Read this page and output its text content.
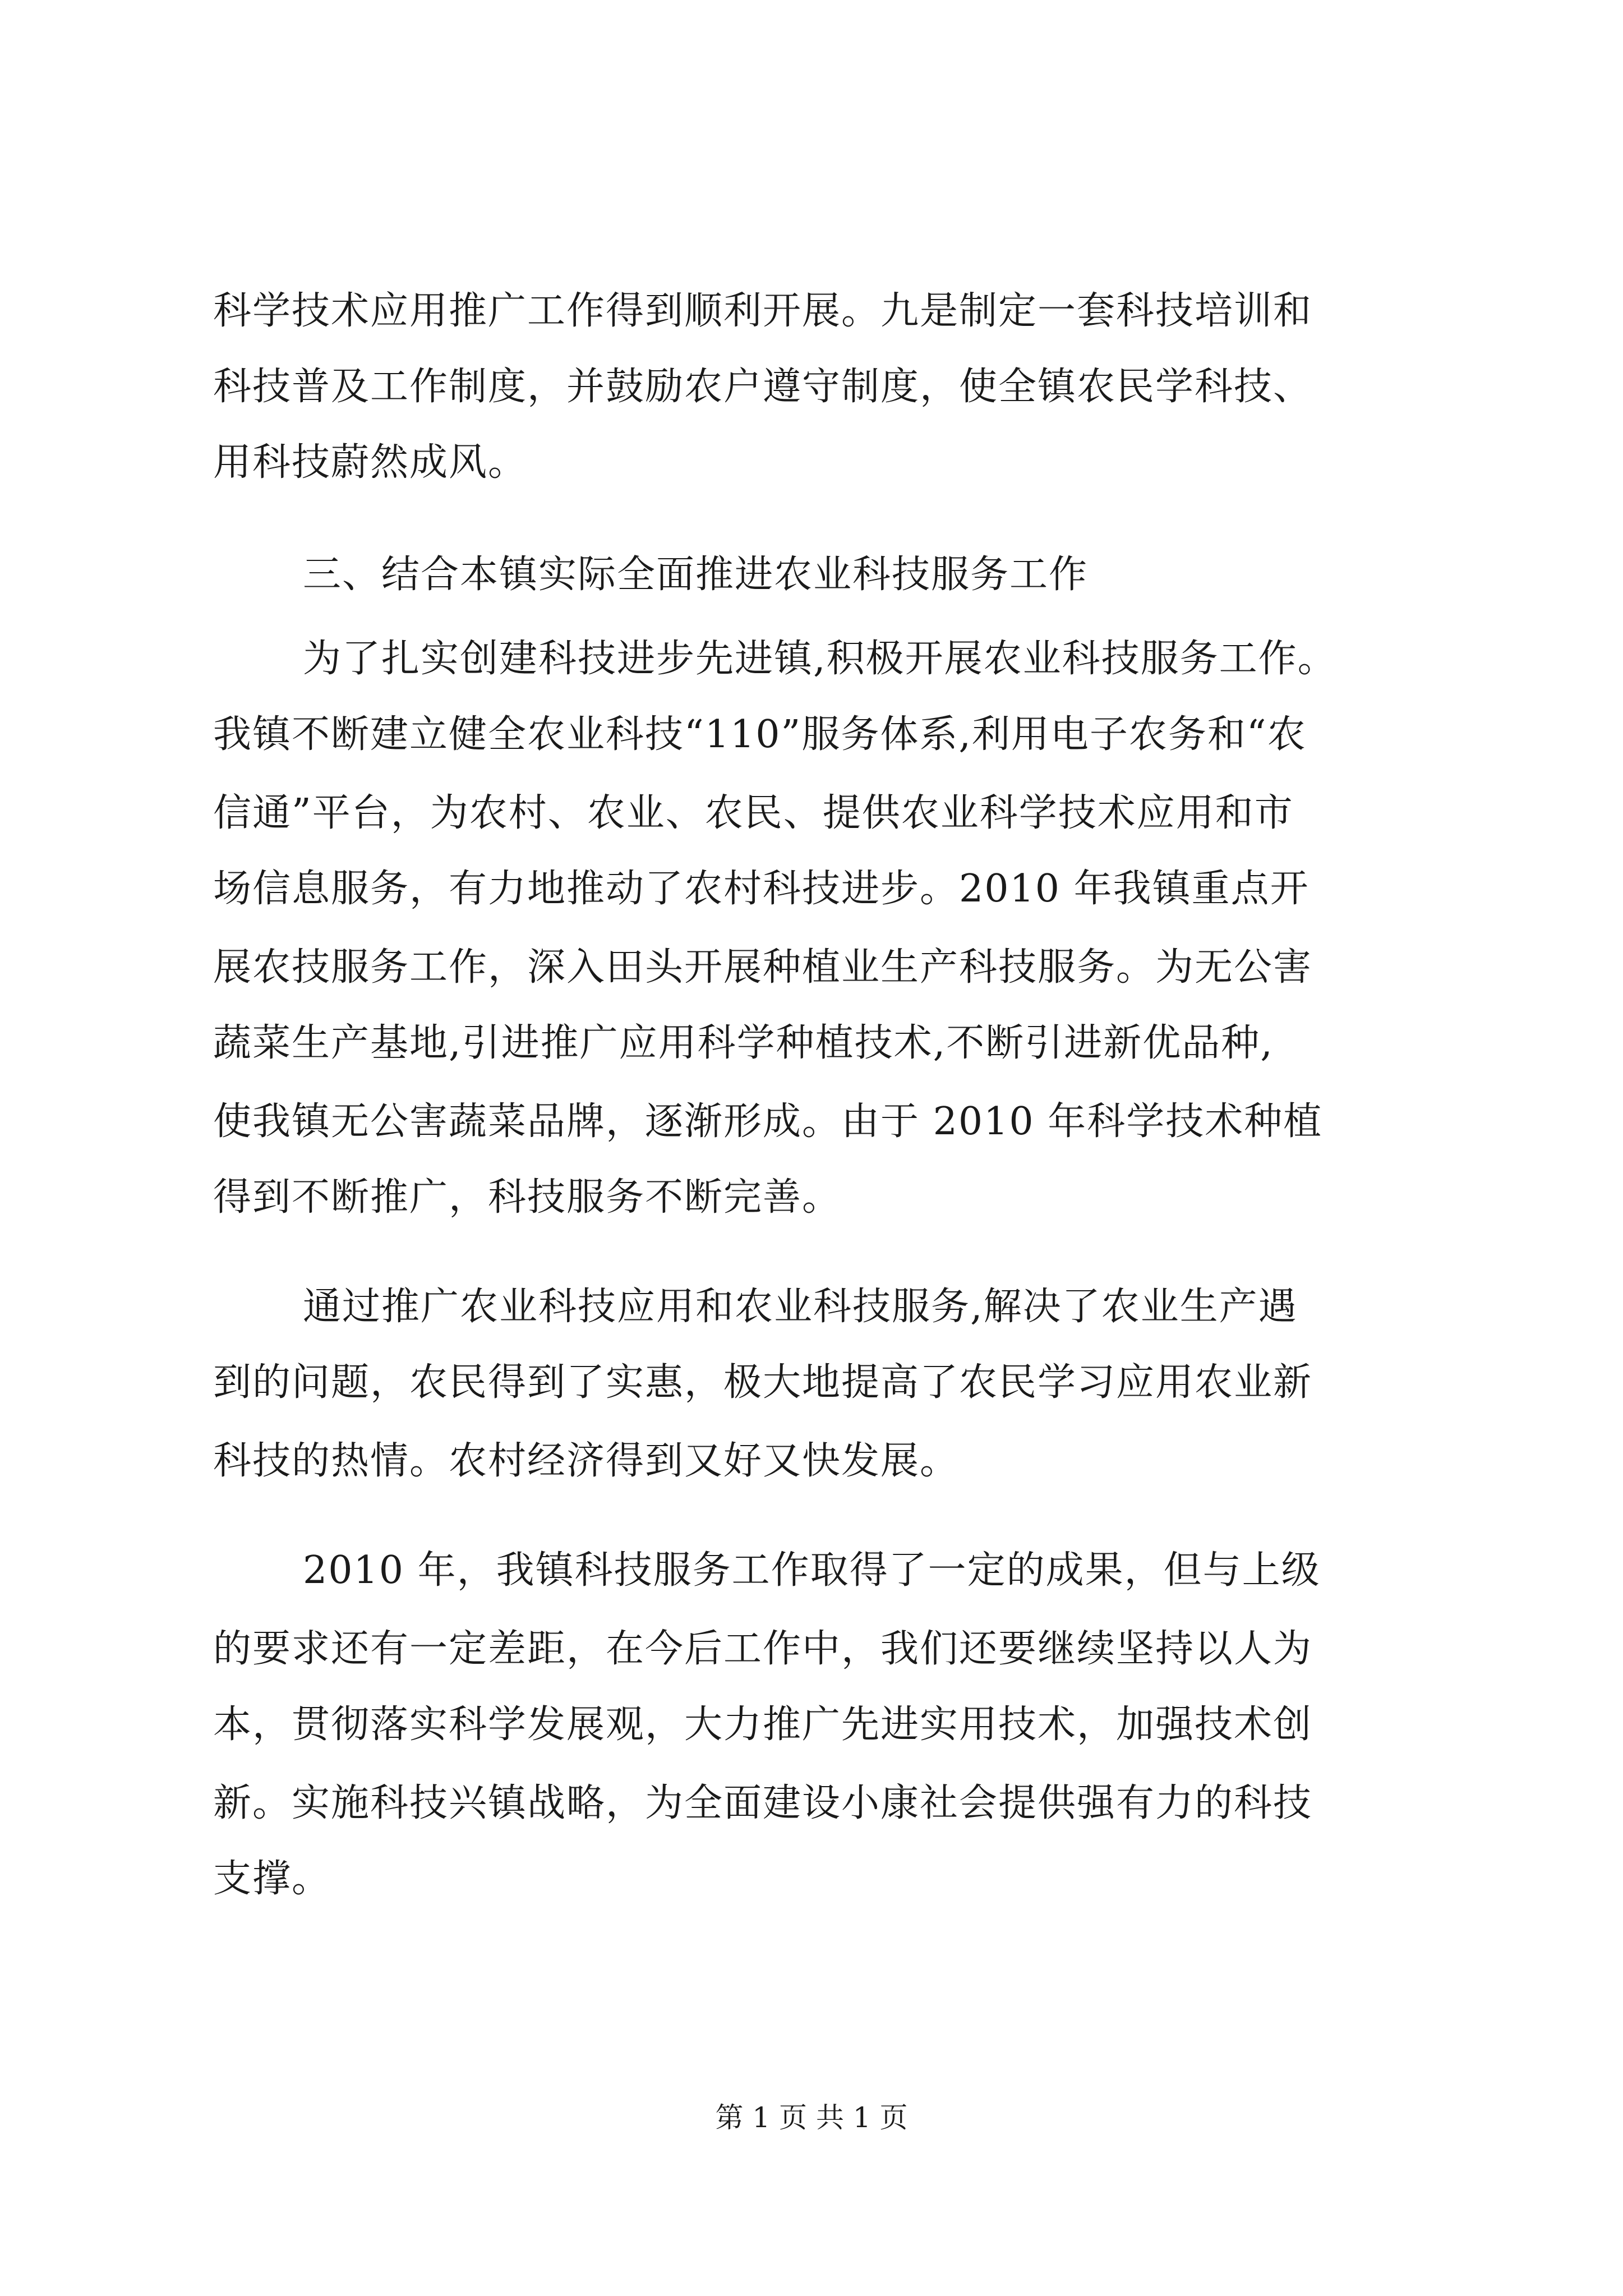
科学技术应用推广工作得到顺利开展。九是制定一套科技培训和
科技普及工作制度，并鼓励农户遵守制度，使全镇农民学科技、
用科技蔚然成风。
三、结合本镇实际全面推进农业科技服务工作
为了扎实创建科技进步先进镇,积极开展农业科技服务工作。
我镇不断建立健全农业科技“110”服务体系,利用电子农务和“农
信通”平台，为农村、农业、农民、提供农业科学技术应用和市
场信息服务，有力地推动了农村科技进步。2010 年我镇重点开
展农技服务工作，深入田头开展种植业生产科技服务。为无公害
蔬菜生产基地,引进推广应用科学种植技术,不断引进新优品种,
使我镇无公害蔬菜品牌，逐渐形成。由于 2010 年科学技术种植
得到不断推广，科技服务不断完善。
通过推广农业科技应用和农业科技服务,解决了农业生产遇
到的问题，农民得到了实惠，极大地提高了农民学习应用农业新
科技的热情。农村经济得到又好又快发展。
2010 年，我镇科技服务工作取得了一定的成果，但与上级
的要求还有一定差距，在今后工作中，我们还要继续坚持以人为
本，贯彻落实科学发展观，大力推广先进实用技术，加强技术创
新。实施科技兴镇战略，为全面建设小康社会提供强有力的科技
支撑。
第 1 页 共 1 页
